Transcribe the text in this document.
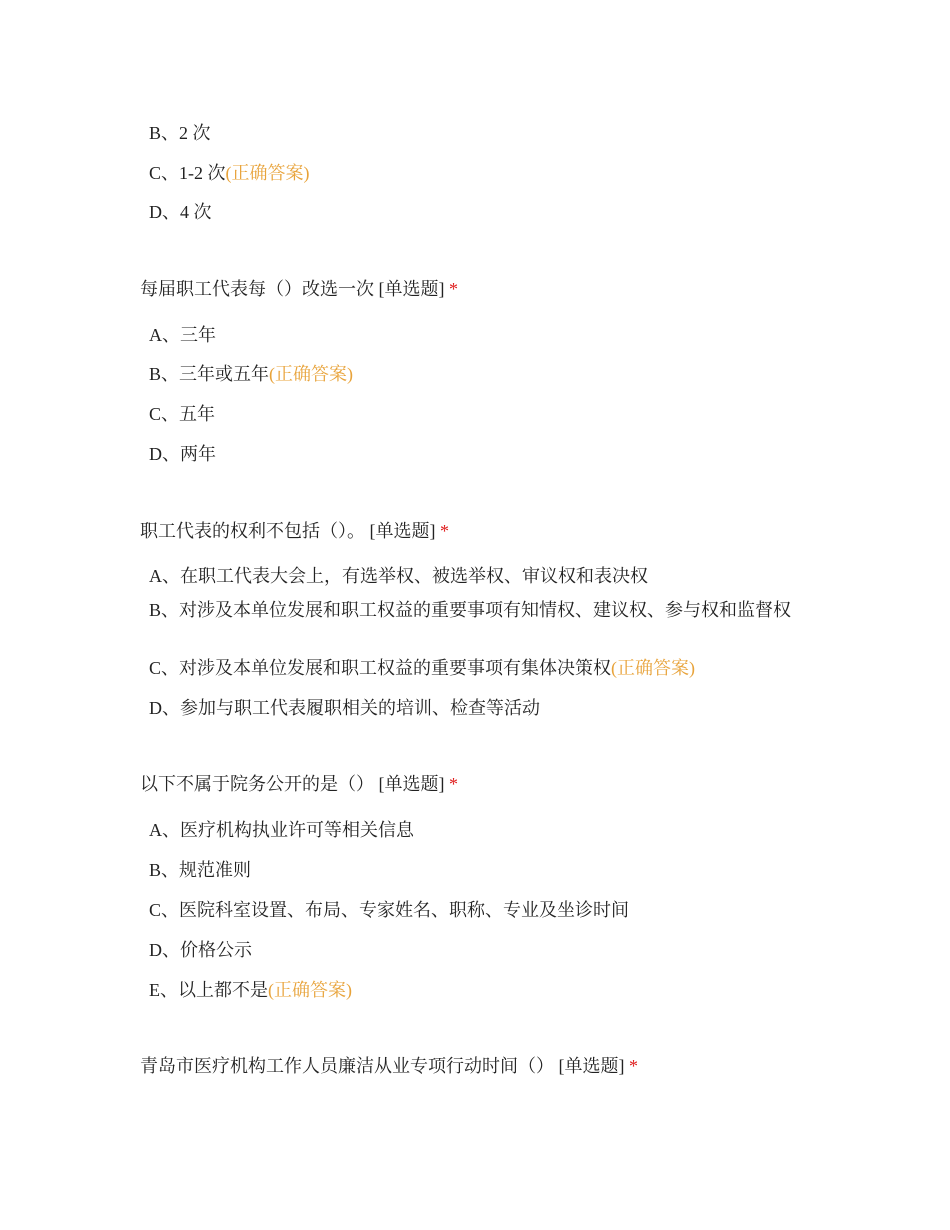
B、2 次
C、1-2 次(正确答案)
D、4 次
每届职工代表每（）改选一次 [单选题] *
A、三年
B、三年或五年(正确答案)
C、五年
D、两年
职工代表的权利不包括（）。 [单选题] *
A、在职工代表大会上，有选举权、被选举权、审议权和表决权
B、对涉及本单位发展和职工权益的重要事项有知情权、建议权、参与权和监督权
C、对涉及本单位发展和职工权益的重要事项有集体决策权(正确答案)
D、参加与职工代表履职相关的培训、检查等活动
以下不属于院务公开的是（） [单选题] *
A、医疗机构执业许可等相关信息
B、规范准则
C、医院科室设置、布局、专家姓名、职称、专业及坐诊时间
D、价格公示
E、以上都不是(正确答案)
青岛市医疗机构工作人员廉洁从业专项行动时间（） [单选题] *
